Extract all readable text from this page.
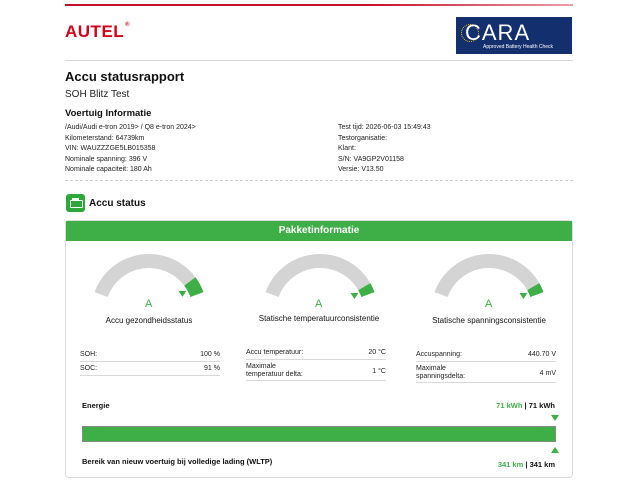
AUTEL®	CARA
Approved Battery Health Check
Accu statusrapport
SOH Blitz Test
Voertuig Informatie
/Audi/Audi e-tron 2019> / Q8 e-tron 2024>
Kilometerstand: 64739km
VIN: WAUZZZGE5LB015358
Nominale spanning: 396 V
Nominale capaciteit: 180 Ah
Test tijd: 2026-06-03 15:49:43
Testorganisatie:
Klant:
S/N: VA9GP2V01158
Versie: V13.50
Accu status
Pakketinformatie
A	A	A
Accu gezondheidsstatus	Statische temperatuurconsistentie	Statische spanningsconsistentie
SOH:	100 %
SOC:	91 %
Accu temperatuur:	20 °C
Maximale
temperatuur delta:	1 °C
Accuspanning:	440.70 V
Maximale
spanningsdelta:	4 mV
Energie	71 kWh | 71 kWh
Bereik van nieuw voertuig bij volledige lading (WLTP)	341 km | 341 km
